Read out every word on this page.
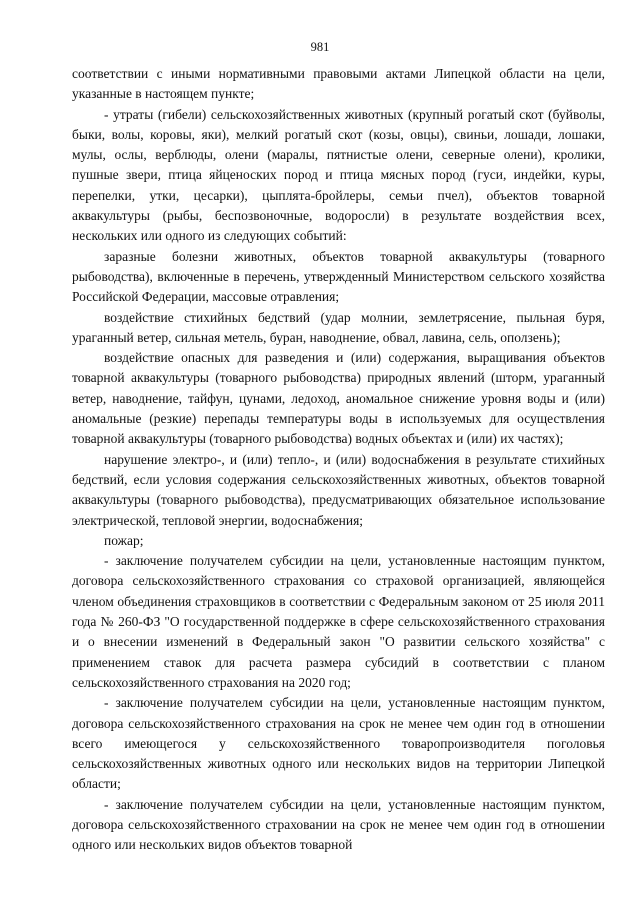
981

соответствии с иными нормативными правовыми актами Липецкой области на цели, указанные в настоящем пункте;

- утраты (гибели) сельскохозяйственных животных (крупный рогатый скот (буйволы, быки, волы, коровы, яки), мелкий рогатый скот (козы, овцы), свиньи, лошади, лошаки, мулы, ослы, верблюды, олени (маралы, пятнистые олени, северные олени), кролики, пушные звери, птица яйценоских пород и птица мясных пород (гуси, индейки, куры, перепелки, утки, цесарки), цыплята-бройлеры, семьи пчел), объектов товарной аквакультуры (рыбы, беспозвоночные, водоросли) в результате воздействия всех, нескольких или одного из следующих событий:

заразные болезни животных, объектов товарной аквакультуры (товарного рыбоводства), включенные в перечень, утвержденный Министерством сельского хозяйства Российской Федерации, массовые отравления;

воздействие стихийных бедствий (удар молнии, землетрясение, пыльная буря, ураганный ветер, сильная метель, буран, наводнение, обвал, лавина, сель, оползень);

воздействие опасных для разведения и (или) содержания, выращивания объектов товарной аквакультуры (товарного рыбоводства) природных явлений (шторм, ураганный ветер, наводнение, тайфун, цунами, ледоход, аномальное снижение уровня воды и (или) аномальные (резкие) перепады температуры воды в используемых для осуществления товарной аквакультуры (товарного рыбоводства) водных объектах и (или) их частях);

нарушение электро-, и (или) тепло-, и (или) водоснабжения в результате стихийных бедствий, если условия содержания сельскохозяйственных животных, объектов товарной аквакультуры (товарного рыбоводства), предусматривающих обязательное использование электрической, тепловой энергии, водоснабжения;

пожар;

- заключение получателем субсидии на цели, установленные настоящим пунктом, договора сельскохозяйственного страхования со страховой организацией, являющейся членом объединения страховщиков в соответствии с Федеральным законом от 25 июля 2011 года № 260-ФЗ "О государственной поддержке в сфере сельскохозяйственного страхования и о внесении изменений в Федеральный закон "О развитии сельского хозяйства" с применением ставок для расчета размера субсидий в соответствии с планом сельскохозяйственного страхования на 2020 год;

- заключение получателем субсидии на цели, установленные настоящим пунктом, договора сельскохозяйственного страхования на срок не менее чем один год в отношении всего имеющегося у сельскохозяйственного товаропроизводителя поголовья сельскохозяйственных животных одного или нескольких видов на территории Липецкой области;

- заключение получателем субсидии на цели, установленные настоящим пунктом, договора сельскохозяйственного страховании на срок не менее чем один год в отношении одного или нескольких видов объектов товарной
